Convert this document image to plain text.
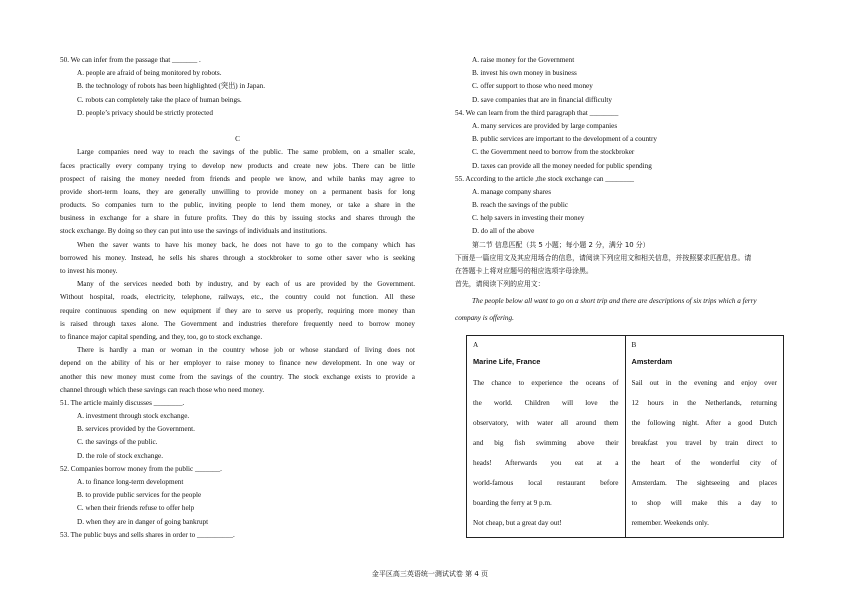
50. We can infer from the passage that _______ .
A. people are afraid of being monitored by robots.
B. the technology of robots has been highlighted (突出) in Japan.
C. robots can completely take the place of human beings.
D. people’s privacy should be strictly protected
C
Large companies need way to reach the savings of the public. The same problem, on a smaller scale,
faces practically every company trying to develop new products and create new jobs. There can be little
prospect of raising the money needed from friends and people we know, and while banks may agree to
provide short-term loans, they are generally unwilling to provide money on a permanent basis for long
products. So companies turn to the public, inviting people to lend them money, or take a share in the
business in exchange for a share in future profits. They do this by issuing stocks and shares through the
stock exchange. By doing so they can put into use the savings of individuals and institutions.
When the saver wants to have his money back, he does not have to go to the company which has
borrowed his money. Instead, he sells his shares through a stockbroker to some other saver who is seeking
to invest his money.
Many of the services needed both by industry, and by each of us are provided by the Government.
Without hospital, roads, electricity, telephone, railways, etc., the country could not function. All these
require continuous spending on new equipment if they are to serve us properly, requiring more money than
is raised through taxes alone. The Government and industries therefore frequently need to borrow money
to finance major capital spending, and they, too, go to stock exchange.
There is hardly a man or woman in the country whose job or whose standard of living does not
depend on the ability of his or her employer to raise money to finance new development. In one way or
another this new money must come from the savings of the country. The stock exchange exists to provide a
channel through which these savings can reach those who need money.
51. The article mainly discusses ________.
A. investment through stock exchange.
B. services provided by the Government.
C. the savings of the public.
D. the role of stock exchange.
52. Companies borrow money from the public _______.
A. to finance long-term development
B. to provide public services for the people
C. when their friends refuse to offer help
D. when they are in danger of going bankrupt
53. The public buys and sells shares in order to __________.
A. raise money for the Government
B. invest his own money in business
C. offer support to those who need money
D. save companies that are in financial difficulty
54. We can learn from the third paragraph that ________
A. many services are provided by large companies
B. public services are important to the development of a country
C. the Government need to borrow from the stockbroker
D. taxes can provide all the money needed for public spending
55. According to the article ,the stock exchange can ________
A. manage company shares
B. reach the savings of the public
C. help savers in investing their money
D. do all of the above
第二节 信息匹配（共 5 小题；每小题 2 分，满分 10 分）
下面是一篇应用文及其应用场合的信息，请阅读下列应用文和相关信息，并按照要求匹配信息。请
在答题卡上将对应题号的相应选项字母涂黑。
首先，请阅读下列的应用文：
The people below all want to go on a short trip and there are descriptions of six trips which a ferry
company is offering.
A
Marine Life, France
The chance to experience the oceans of
the world. Children will love the
observatory, with water all around them
and big fish swimming above their
heads! Afterwards you eat at a
world-famous local restaurant before
boarding the ferry at 9 p.m.
Not cheap, but a great day out!

B
Amsterdam
Sail out in the evening and enjoy over
12 hours in the Netherlands, returning
the following night. After a good Dutch
breakfast you travel by train direct to
the heart of the wonderful city of
Amsterdam. The sightseeing and places
to shop will make this a day to
remember. Weekends only.
金平区高三英语统一测试试卷 第 4 页
